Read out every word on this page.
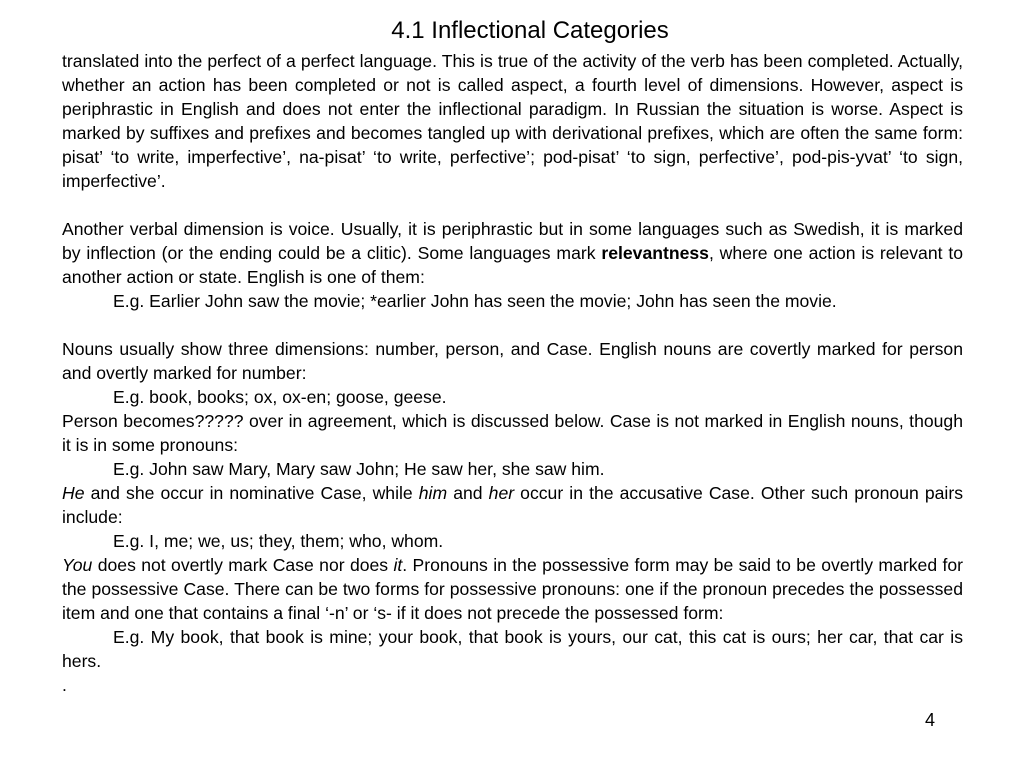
4.1 Inflectional Categories

translated into the perfect of a perfect language. This is true of the activity of the verb has been completed. Actually, whether an action has been completed or not is called aspect, a fourth level of dimensions. However, aspect is periphrastic in English and does not enter the inflectional paradigm. In Russian the situation is worse. Aspect is marked by suffixes and prefixes and becomes tangled up with derivational prefixes, which are often the same form: pisat’ ‘to write, imperfective’, na-pisat’ ‘to write, perfective’; pod-pisat’ ‘to sign, perfective’, pod-pis-yvat’ ‘to sign, imperfective’.

Another verbal dimension is voice. Usually, it is periphrastic but in some languages such as Swedish, it is marked by inflection (or the ending could be a clitic). Some languages mark relevantness, where one action is relevant to another action or state. English is one of them:

E.g. Earlier John saw the movie; *earlier John has seen the movie; John has seen the movie.

Nouns usually show three dimensions: number, person, and Case. English nouns are covertly marked for person and overtly marked for number:

E.g. book, books; ox, ox-en; goose, geese.

Person becomes????? over in agreement, which is discussed below. Case is not marked in English nouns, though it is in some pronouns:

E.g. John saw Mary, Mary saw John; He saw her, she saw him.

He and she occur in nominative Case, while him and her occur in the accusative Case. Other such pronoun pairs include:

E.g. I, me; we, us; they, them; who, whom.

You does not overtly mark Case nor does it. Pronouns in the possessive form may be said to be overtly marked for the possessive Case. There can be two forms for possessive pronouns: one if the pronoun precedes the possessed item and one that contains a final ‘-n’ or ‘s- if it does not precede the possessed form:

E.g. My book, that book is mine; your book, that book is yours, our cat, this cat is ours; her car, that car is hers.

.

4
